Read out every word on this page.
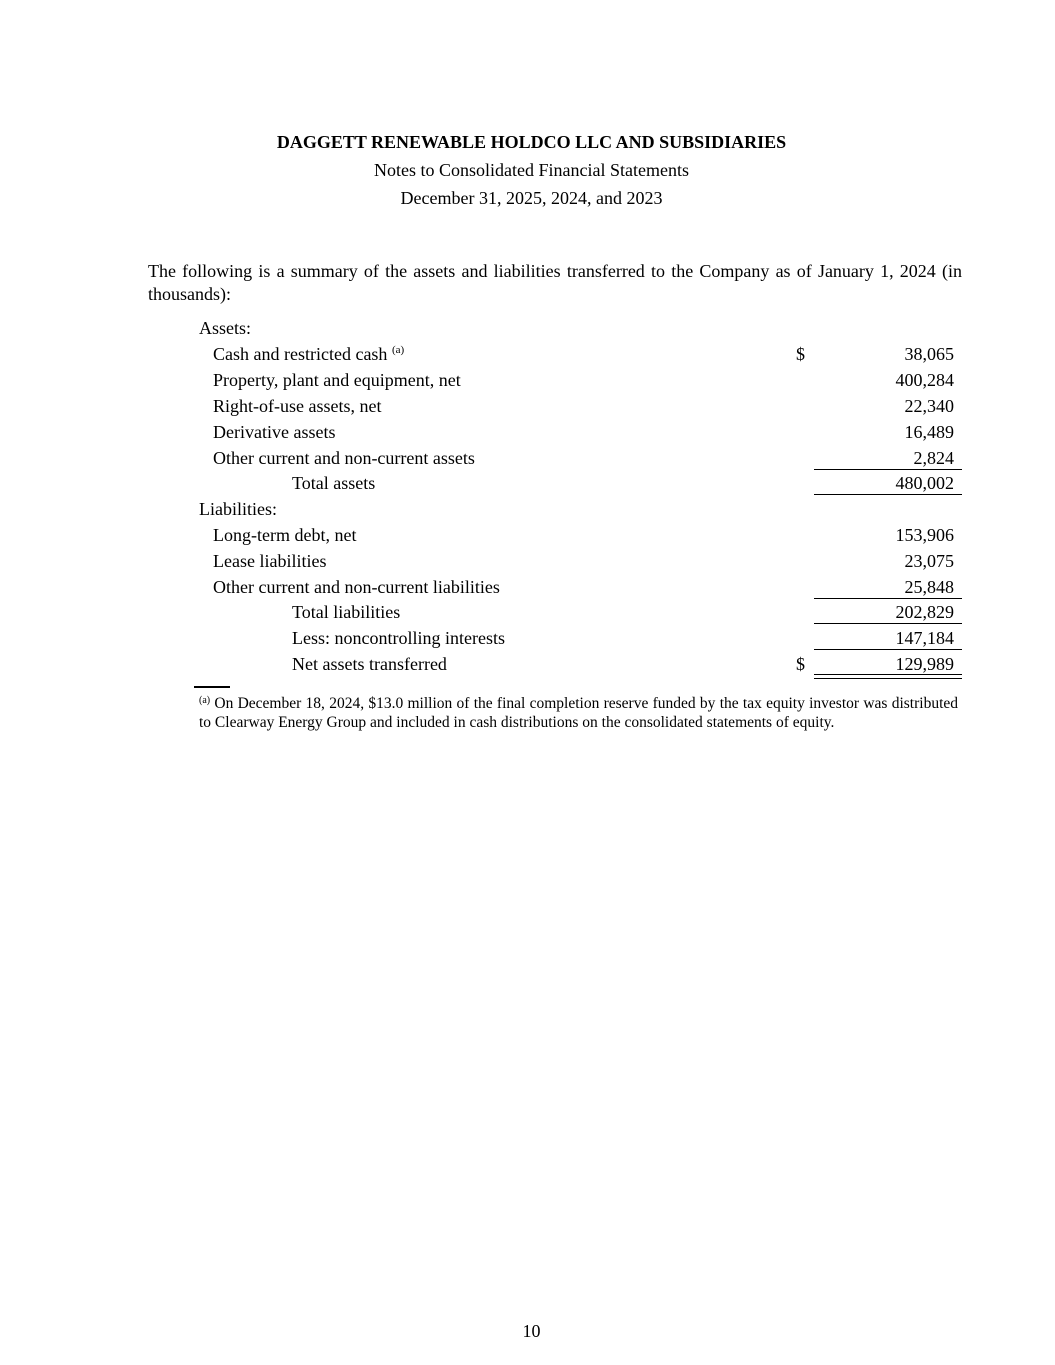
DAGGETT RENEWABLE HOLDCO LLC AND SUBSIDIARIES
Notes to Consolidated Financial Statements
December 31, 2025, 2024, and 2023
The following is a summary of the assets and liabilities transferred to the Company as of January 1, 2024 (in thousands):
Assets:
Cash and restricted cash $^{(a)}$	$	38,065
Property, plant and equipment, net	400,284
Right-of-use assets, net	22,340
Derivative assets	16,489
Other current and non-current assets	2,824
Total assets	480,002
Liabilities:
Long-term debt, net	153,906
Lease liabilities	23,075
Other current and non-current liabilities	25,848
Total liabilities	202,829
Less: noncontrolling interests	147,184
Net assets transferred	$	129,989
$^{(a)}$ On December 18, 2024, $13.0 million of the final completion reserve funded by the tax equity investor was distributed to Clearway Energy Group and included in cash distributions on the consolidated statements of equity.
10
